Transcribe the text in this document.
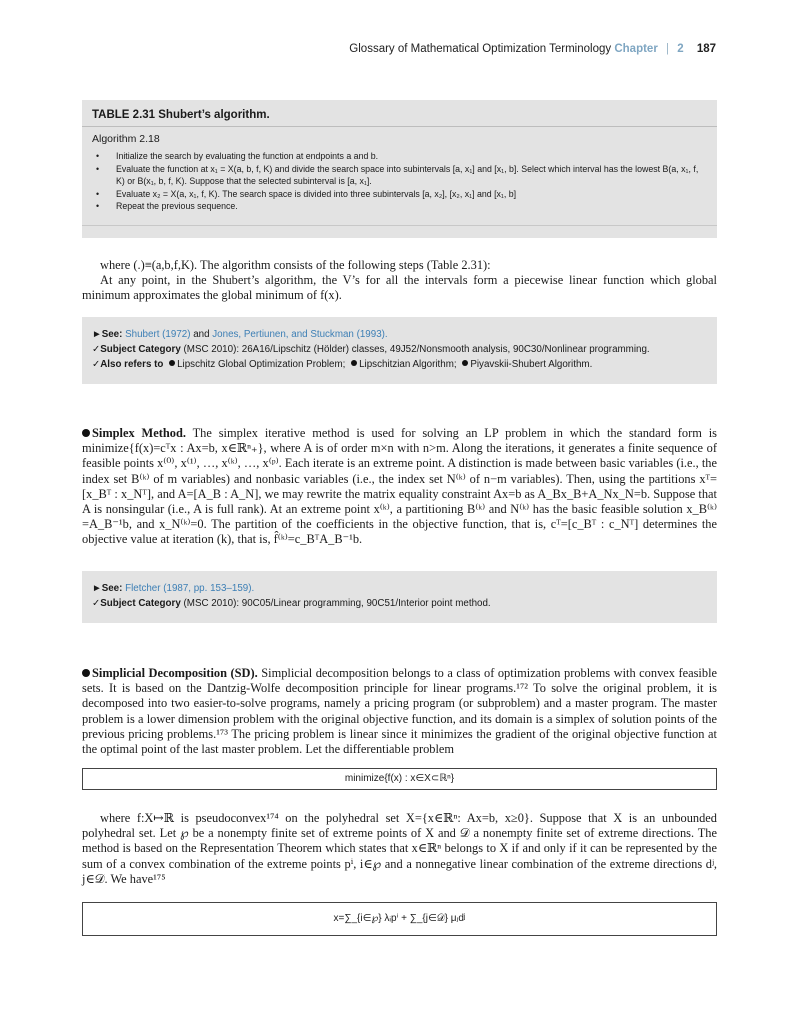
Glossary of Mathematical Optimization Terminology Chapter | 2 187
TABLE 2.31 Shubert’s algorithm.
Algorithm 2.18
• Initialize the search by evaluating the function at endpoints a and b.
• Evaluate the function at x₁ = X(a, b, f, K) and divide the search space into subintervals [a, x₁] and [x₁, b]. Select which interval has the lowest B(a, x₁, f, K) or B(x₁, b, f, K). Suppose that the selected subinterval is [a, x₁].
• Evaluate x₂ = X(a, x₁, f, K). The search space is divided into three subintervals [a, x₂], [x₂, x₁] and [x₁, b]
• Repeat the previous sequence.

where (.)≡(a,b,f,K). The algorithm consists of the following steps (Table 2.31):

At any point, in the Shubert’s algorithm, the V’s for all the intervals form a piecewise linear function which global minimum approximates the global minimum of f(x).

►See: Shubert (1972) and Jones, Pertiunen, and Stuckman (1993).
✓Subject Category (MSC 2010): 26A16/Lipschitz (Hölder) classes, 49J52/Nonsmooth analysis, 90C30/Nonlinear programming.
✓Also refers to Lipschitz Global Optimization Problem; Lipschitzian Algorithm; Piyavskii-Shubert Algorithm.

Simplex Method. The simplex iterative method is used for solving an LP problem in which the standard form is minimize{f(x)=cᵀx : Ax=b, x∈ℝⁿ₊}, where A is of order m×n with n>m. Along the iterations, it generates a finite sequence of feasible points x⁽⁰⁾, x⁽¹⁾, …, x⁽ᵏ⁾, …, x⁽ᵖ⁾. Each iterate is an extreme point. A distinction is made between basic variables (i.e., the index set B⁽ᵏ⁾ of m variables) and nonbasic variables (i.e., the index set N⁽ᵏ⁾ of n−m variables). Then, using the partitions xᵀ=[x_Bᵀ : x_Nᵀ], and A=[A_B : A_N], we may rewrite the matrix equality constraint Ax=b as A_Bx_B+A_Nx_N=b. Suppose that A is nonsingular (i.e., A is full rank). At an extreme point x⁽ᵏ⁾, a partitioning B⁽ᵏ⁾ and N⁽ᵏ⁾ has the basic feasible solution x_B⁽ᵏ⁾=A_B⁻¹b, and x_N⁽ᵏ⁾=0. The partition of the coefficients in the objective function, that is, cᵀ=[c_Bᵀ : c_Nᵀ] determines the objective value at iteration (k), that is, f̂⁽ᵏ⁾=c_BᵀA_B⁻¹b.

►See: Fletcher (1987, pp. 153–159).
✓Subject Category (MSC 2010): 90C05/Linear programming, 90C51/Interior point method.

Simplicial Decomposition (SD). Simplicial decomposition belongs to a class of optimization problems with convex feasible sets. It is based on the Dantzig-Wolfe decomposition principle for linear programs.¹⁷² To solve the original problem, it is decomposed into two easier-to-solve programs, namely a pricing program (or subproblem) and a master program. The master problem is a lower dimension problem with the original objective function, and its domain is a simplex of solution points of the previous pricing problems.¹⁷³ The pricing problem is linear since it minimizes the gradient of the original objective function at the optimal point of the last master problem. Let the differentiable problem

minimize{f(x) : x∈X⊂ℝⁿ}

where f:X↦ℝ is pseudoconvex¹⁷⁴ on the polyhedral set X={x∈ℝⁿ: Ax=b, x≥0}. Suppose that X is an unbounded polyhedral set. Let ℘ be a nonempty finite set of extreme points of X and 𝒟 a nonempty finite set of extreme directions. The method is based on the Representation Theorem which states that x∈ℝⁿ belongs to X if and only if it can be represented by the sum of a convex combination of the extreme points pⁱ, i∈℘ and a nonnegative linear combination of the extreme directions dʲ, j∈𝒟. We have¹⁷⁵

x=∑_{i∈℘} λᵢpⁱ + ∑_{j∈𝒟} μⱼdʲ
